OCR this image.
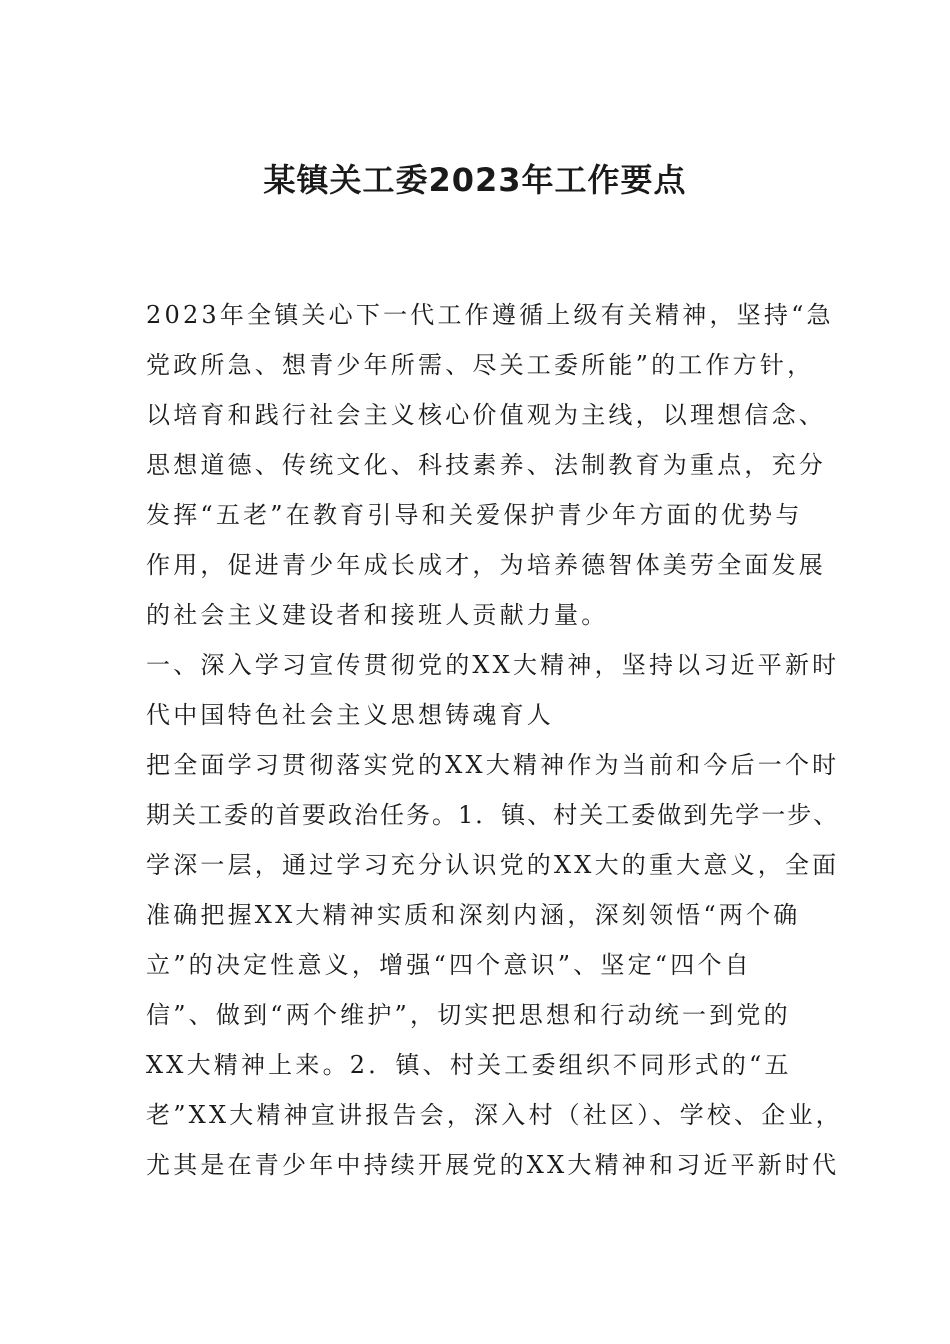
某镇关工委2023年工作要点
2023年全镇关心下一代工作遵循上级有关精神，坚持“急
党政所急、想青少年所需、尽关工委所能”的工作方针，
以培育和践行社会主义核心价值观为主线，以理想信念、
思想道德、传统文化、科技素养、法制教育为重点，充分
发挥“五老”在教育引导和关爱保护青少年方面的优势与
作用，促进青少年成长成才，为培养德智体美劳全面发展
的社会主义建设者和接班人贡献力量。
一、深入学习宣传贯彻党的XX大精神，坚持以习近平新时
代中国特色社会主义思想铸魂育人
把全面学习贯彻落实党的XX大精神作为当前和今后一个时
期关工委的首要政治任务。1．镇、村关工委做到先学一步、
学深一层，通过学习充分认识党的XX大的重大意义，全面
准确把握XX大精神实质和深刻内涵，深刻领悟“两个确
立”的决定性意义，增强“四个意识”、坚定“四个自
信”、做到“两个维护”，切实把思想和行动统一到党的
XX大精神上来。2．镇、村关工委组织不同形式的“五
老”XX大精神宣讲报告会，深入村（社区）、学校、企业，
尤其是在青少年中持续开展党的XX大精神和习近平新时代
